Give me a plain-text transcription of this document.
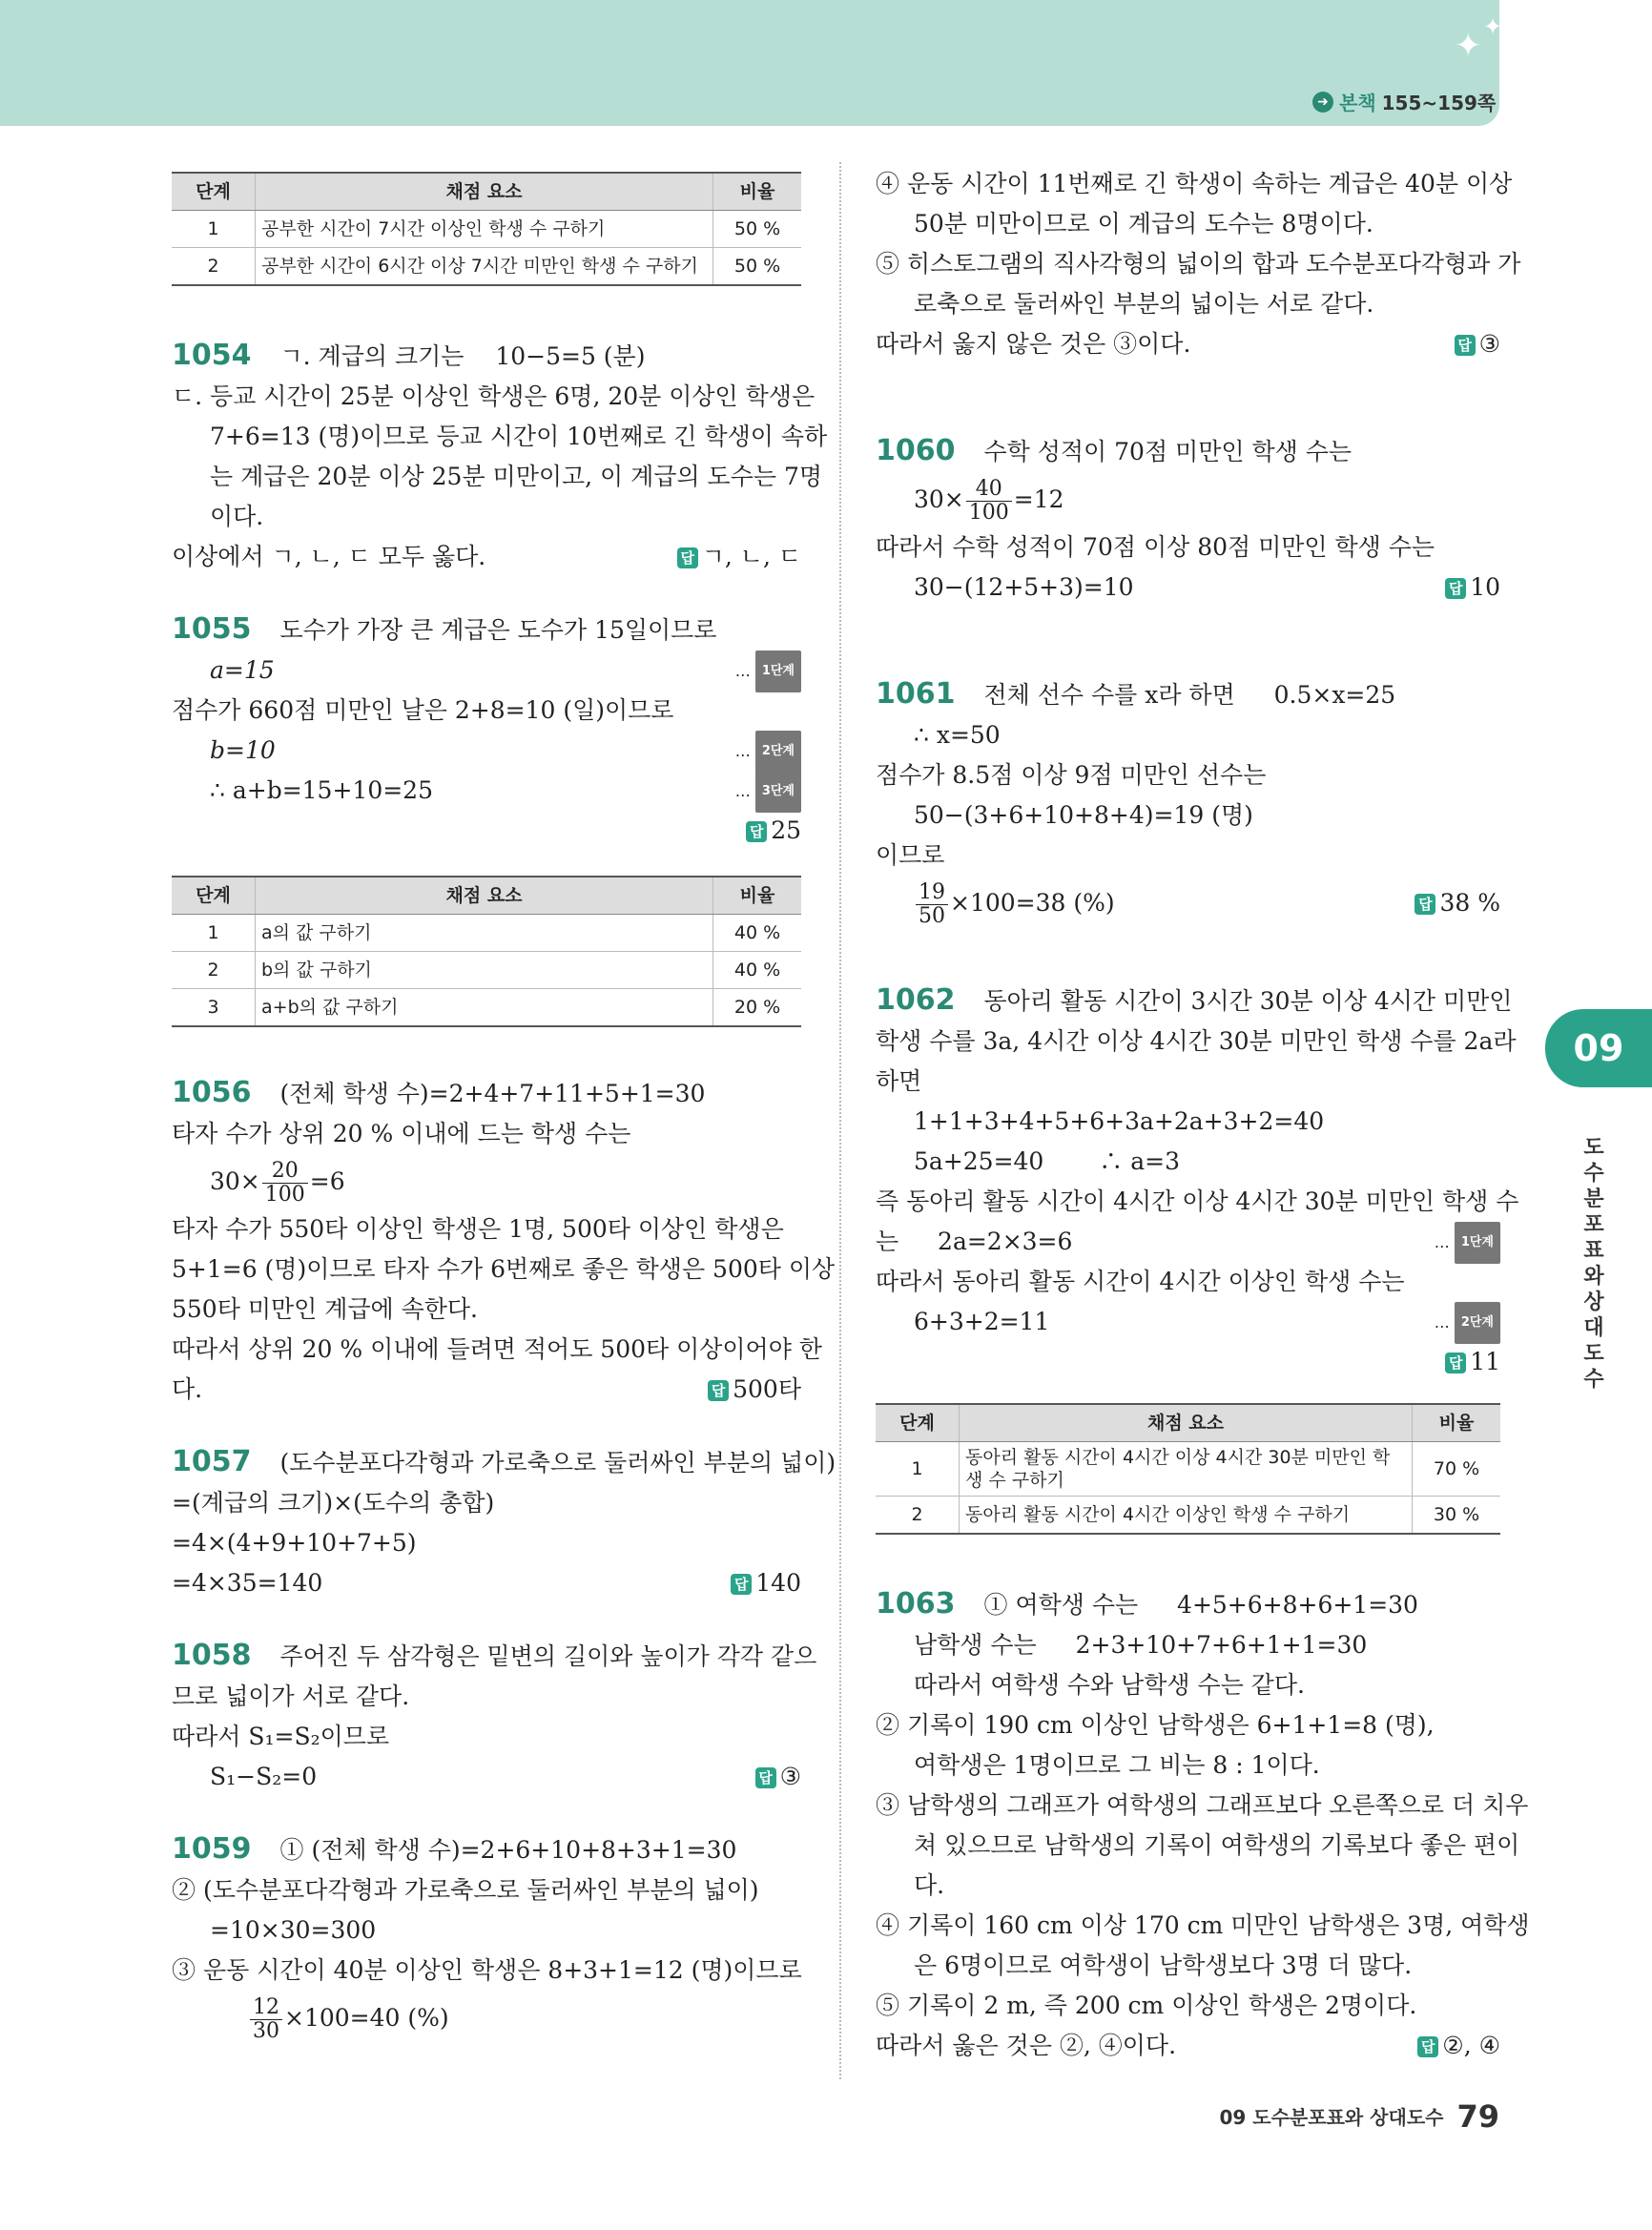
✦ ✦
➜ 본책 155~159쪽
단계	채점 요소	비율
1	공부한 시간이 7시간 이상인 학생 수 구하기	50 %
2	공부한 시간이 6시간 이상 7시간 미만인 학생 수 구하기	50 %
1054 ㄱ. 계급의 크기는 　10−5=5 (분)
ㄷ. 등교 시간이 25분 이상인 학생은 6명, 20분 이상인 학생은
7+6=13 (명)이므로 등교 시간이 10번째로 긴 학생이 속하
는 계급은 20분 이상 25분 미만이고, 이 계급의 도수는 7명
이다.
이상에서 ㄱ, ㄴ, ㄷ 모두 옳다.	답 ㄱ, ㄴ, ㄷ
1055 도수가 가장 큰 계급은 도수가 15일이므로
a=15	… 1단계
점수가 660점 미만인 날은 2+8=10 (일)이므로
b=10	… 2단계
∴ a+b=15+10=25	… 3단계
답 25
단계	채점 요소	비율
1	a의 값 구하기	40 %
2	b의 값 구하기	40 %
3	a+b의 값 구하기	20 %
1056 (전체 학생 수)=2+4+7+11+5+1=30
타자 수가 상위 20 % 이내에 드는 학생 수는
$30\times \frac{20}{100} =6$
타자 수가 550타 이상인 학생은 1명, 500타 이상인 학생은
5+1=6 (명)이므로 타자 수가 6번째로 좋은 학생은 500타 이상
550타 미만인 계급에 속한다.
따라서 상위 20 % 이내에 들려면 적어도 500타 이상이어야 한
다.	답 500타
1057 (도수분포다각형과 가로축으로 둘러싸인 부분의 넓이)
=(계급의 크기)×(도수의 총합)
=4×(4+9+10+7+5)
=4×35=140	답 140
1058 주어진 두 삼각형은 밑변의 길이와 높이가 각각 같으
므로 넓이가 서로 같다.
따라서 S₁=S₂이므로
S₁−S₂=0	답 ③
1059 ① (전체 학생 수)=2+6+10+8+3+1=30
② (도수분포다각형과 가로축으로 둘러싸인 부분의 넓이)
=10×30=300
③ 운동 시간이 40분 이상인 학생은 8+3+1=12 (명)이므로
$\frac{12}{30} \times 100=40$ (%)
④ 운동 시간이 11번째로 긴 학생이 속하는 계급은 40분 이상
50분 미만이므로 이 계급의 도수는 8명이다.
⑤ 히스토그램의 직사각형의 넓이의 합과 도수분포다각형과 가
로축으로 둘러싸인 부분의 넓이는 서로 같다.
따라서 옳지 않은 것은 ③이다.	답 ③
1060 수학 성적이 70점 미만인 학생 수는
$30\times \frac{40}{100} =12$
따라서 수학 성적이 70점 이상 80점 미만인 학생 수는
30−(12+5+3)=10	답 10
1061 전체 선수 수를 x라 하면 　 0.5×x=25
∴ x=50
점수가 8.5점 이상 9점 미만인 선수는
50−(3+6+10+8+4)=19 (명)
이므로
$\frac{19}{50} \times 100=38$ (%)	답 38 %
1062 동아리 활동 시간이 3시간 30분 이상 4시간 미만인
학생 수를 3a, 4시간 이상 4시간 30분 미만인 학생 수를 2a라
하면
1+1+3+4+5+6+3a+2a+3+2=40
5a+25=40 　　∴ a=3
즉 동아리 활동 시간이 4시간 이상 4시간 30분 미만인 학생 수
는 　 2a=2×3=6	… 1단계
따라서 동아리 활동 시간이 4시간 이상인 학생 수는
6+3+2=11	… 2단계
답 11
단계	채점 요소	비율
1	동아리 활동 시간이 4시간 이상 4시간 30분 미만인 학생 수 구하기	70 %
2	동아리 활동 시간이 4시간 이상인 학생 수 구하기	30 %
1063 ① 여학생 수는 　 4+5+6+8+6+1=30
남학생 수는 　 2+3+10+7+6+1+1=30
따라서 여학생 수와 남학생 수는 같다.
② 기록이 190 cm 이상인 남학생은 6+1+1=8 (명),
여학생은 1명이므로 그 비는 8 : 1이다.
③ 남학생의 그래프가 여학생의 그래프보다 오른쪽으로 더 치우
쳐 있으므로 남학생의 기록이 여학생의 기록보다 좋은 편이
다.
④ 기록이 160 cm 이상 170 cm 미만인 남학생은 3명, 여학생
은 6명이므로 여학생이 남학생보다 3명 더 많다.
⑤ 기록이 2 m, 즉 200 cm 이상인 학생은 2명이다.
따라서 옳은 것은 ②, ④이다.	답 ②, ④
09
도
수
분
포
표
와
상
대
도
수
09 도수분포표와 상대도수 79
